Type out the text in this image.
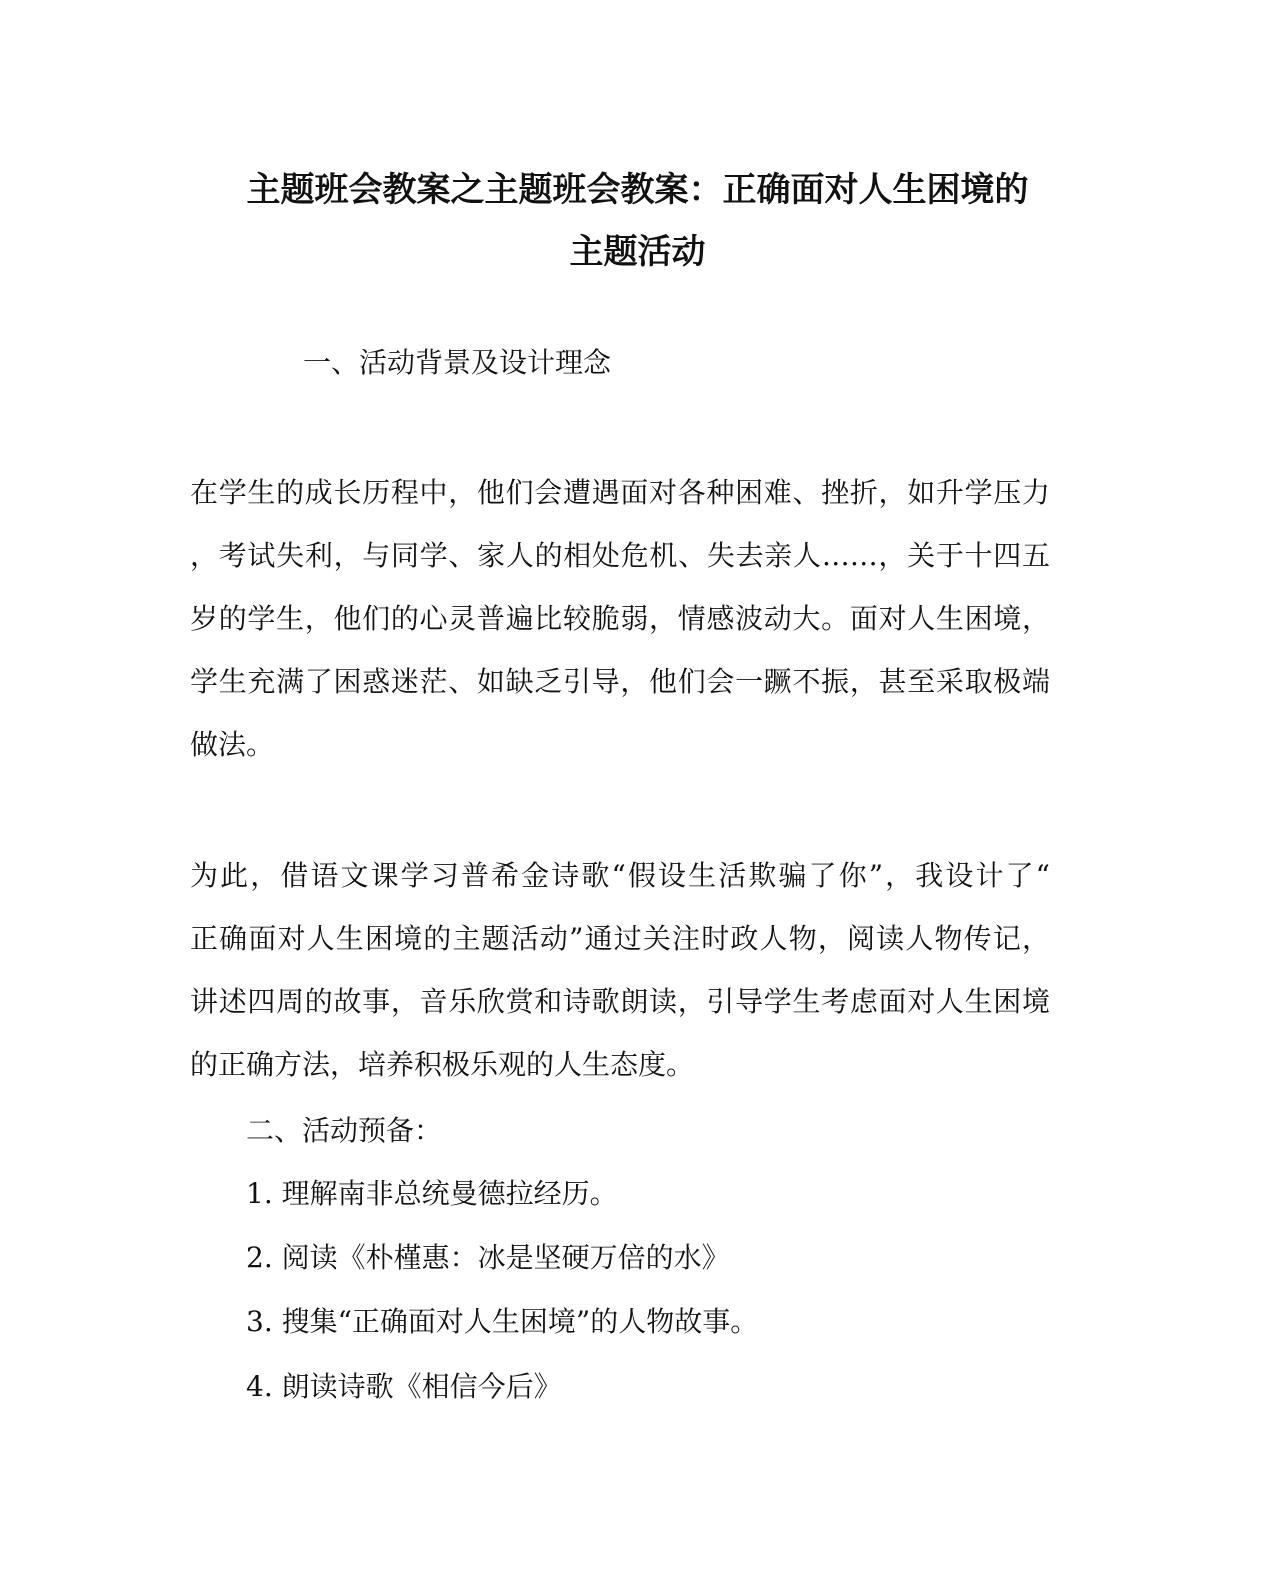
主题班会教案之主题班会教案：正确面对人生困境的
主题活动
一、活动背景及设计理念
在学生的成长历程中，他们会遭遇面对各种困难、挫折，如升学压力
，考试失利，与同学、家人的相处危机、失去亲人……，关于十四五
岁的学生，他们的心灵普遍比较脆弱，情感波动大。面对人生困境，
学生充满了困惑迷茫、如缺乏引导，他们会一蹶不振，甚至采取极端
做法。
为此，借语文课学习普希金诗歌“假设生活欺骗了你”，我设计了“
正确面对人生困境的主题活动”通过关注时政人物，阅读人物传记，
讲述四周的故事，音乐欣赏和诗歌朗读，引导学生考虑面对人生困境
的正确方法，培养积极乐观的人生态度。
二、活动预备：
1. 理解南非总统曼德拉经历。
2. 阅读《朴槿惠：冰是坚硬万倍的水》
3. 搜集“正确面对人生困境”的人物故事。
4. 朗读诗歌《相信今后》
